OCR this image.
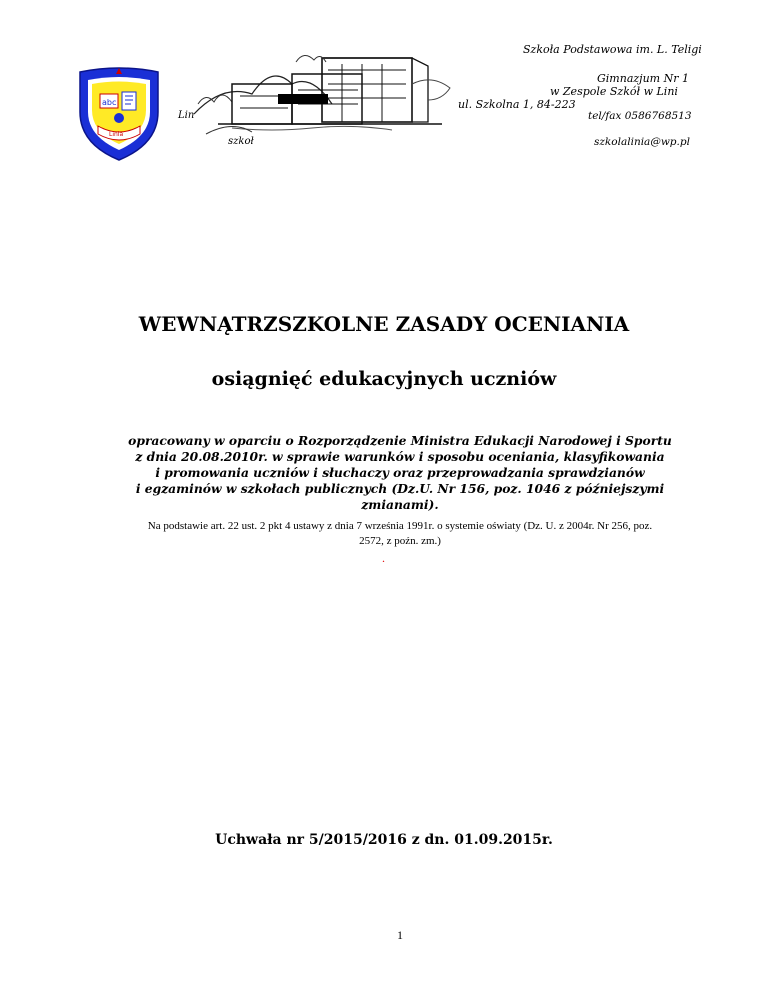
abc
Linia
Szkoła Podstawowa im. L. Teligi
Gimnazjum Nr 1
w Zespole Szkół w Lini
ul. Szkolna 1, 84-223
tel/fax 0586768513
Lin
szkoł	szkolalinia@wp.pl
WEWNĄTRZSZKOLNE ZASADY OCENIANIA
osiągnięć edukacyjnych uczniów
opracowany w oparciu o Rozporządzenie Ministra Edukacji Narodowej i Sportu
z dnia 20.08.2010r. w sprawie warunków i sposobu oceniania, klasyfikowania
i promowania uczniów i słuchaczy oraz przeprowadzania sprawdzianów
i egzaminów w szkołach publicznych (Dz.U. Nr 156, poz. 1046 z późniejszymi
zmianami).
Na podstawie art. 22 ust. 2 pkt 4 ustawy z dnia 7 września 1991r. o systemie oświaty (Dz. U. z 2004r. Nr 256, poz.
2572, z poźn. zm.)
.
Uchwała nr 5/2015/2016 z dn. 01.09.2015r.
1
